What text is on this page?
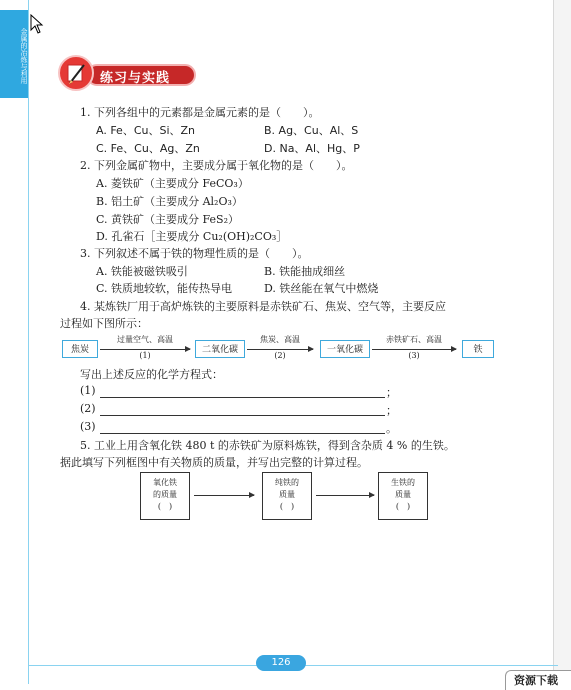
金属的冶炼与利用	练习与实践
1. 下列各组中的元素都是金属元素的是（　　）。
A. Fe、Cu、Si、Zn	B. Ag、Cu、Al、S
C. Fe、Cu、Ag、Zn	D. Na、Al、Hg、P
2. 下列金属矿物中，主要成分属于氧化物的是（　　）。
A. 菱铁矿（主要成分 FeCO₃）
B. 铝土矿（主要成分 Al₂O₃）
C. 黄铁矿（主要成分 FeS₂）
D. 孔雀石［主要成分 Cu₂(OH)₂CO₃］
3. 下列叙述不属于铁的物理性质的是（　　）。
A. 铁能被磁铁吸引	B. 铁能抽成细丝
C. 铁质地较软，能传热导电	D. 铁丝能在氧气中燃烧
4. 某炼铁厂用于高炉炼铁的主要原料是赤铁矿石、焦炭、空气等，主要反应
过程如下图所示：
焦炭
过量空气、高温
(1)
二氧化碳
焦炭、高温
(2)
一氧化碳
赤铁矿石、高温
(3)
铁
写出上述反应的化学方程式：
(1)	；
(2)	；
(3)	。
5. 工业上用含氧化铁 480 t 的赤铁矿为原料炼铁，得到含杂质 4 % 的生铁。
据此填写下列框图中有关物质的质量，并写出完整的计算过程。
氧化铁
的质量
(　)
纯铁的
质量
(　)
生铁的
质量
(　)
126
资源下载
